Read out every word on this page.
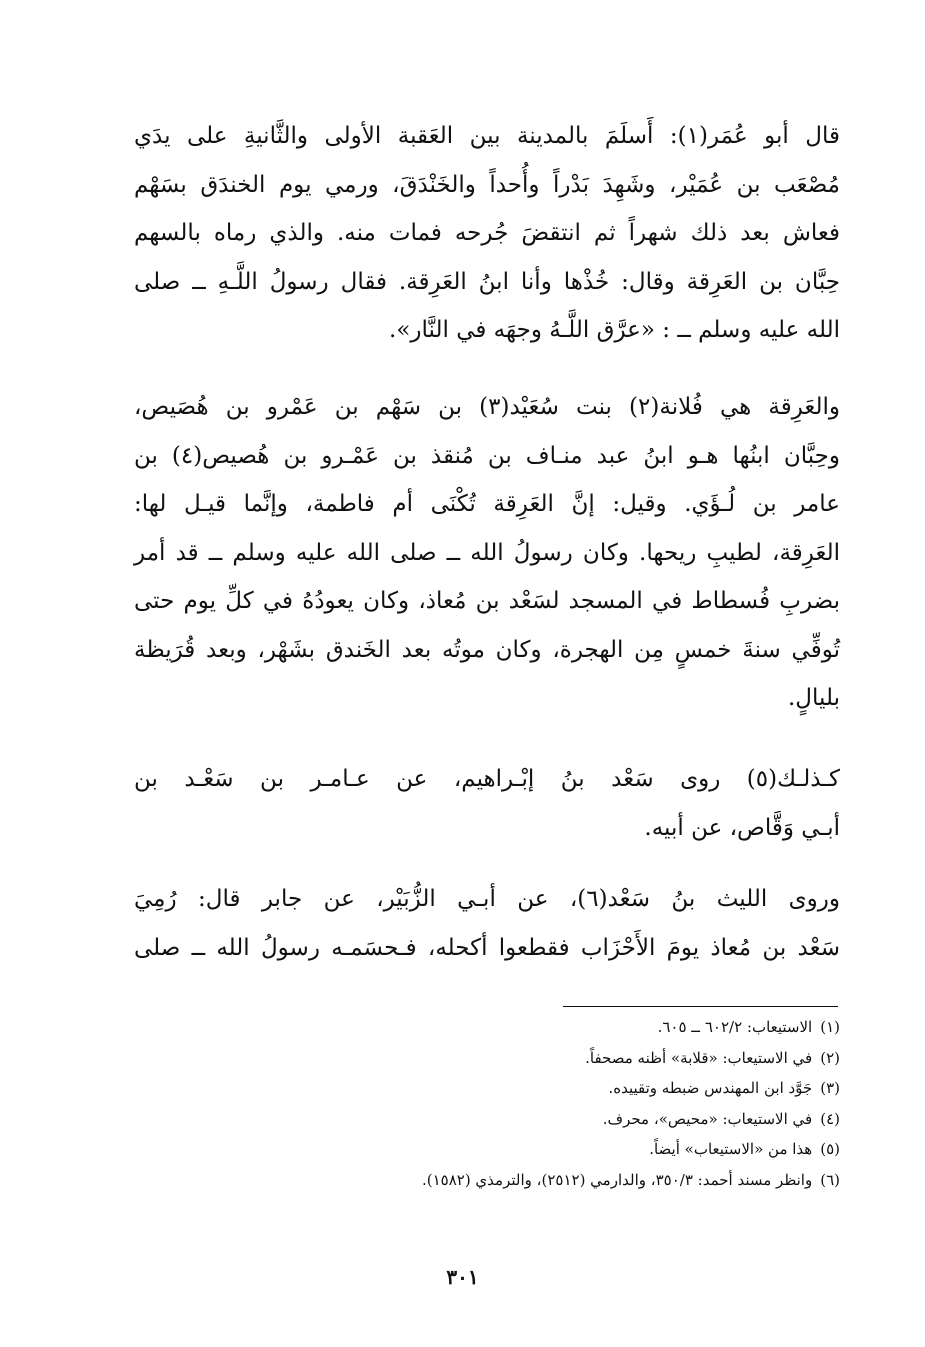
قال أبو عُمَر(١): أَسلَمَ بالمدينة بين العَقبة الأولى والثَّانيةِ على يدَي
مُصْعَب بن عُمَيْر، وشَهِدَ بَدْراً وأُحداً والخَنْدَقَ، ورمي يوم الخندَق بسَهْم
فعاش بعد ذلك شهراً ثم انتقضَ جُرحه فمات منه. والذي رماه بالسهم
حِبَّان بن العَرِقة وقال: خُذْها وأنا ابنُ العَرِقة. فقال رسولُ اللَّـهِ ــ صلى
الله عليه وسلم ــ : «عرَّق اللَّـهُ وجهَه في النَّار».
والعَرِقة هي فُلانة(٢) بنت سُعَيْد(٣) بن سَهْم بن عَمْرو بن هُصَيص،
وحِبَّان ابنُها هـو ابنُ عبد منـاف بن مُنقذ بن عَمْـرو بن هُصيص(٤) بن
عامر بن لُـؤَي. وقيل: إنَّ العَرِقة تُكْنَى أم فاطمة، وإنَّما قيـل لها:
العَرِقة، لطيبِ ريحها. وكان رسولُ الله ــ صلى الله عليه وسلم ــ قد أمر
بضربِ فُسطاط في المسجد لسَعْد بن مُعاذ، وكان يعودُهُ في كلِّ يوم حتى
تُوفِّي سنةَ خمسٍ مِن الهجرة، وكان موتُه بعد الخَندق بشَهْر، وبعد قُرَيظة
بليالٍ.
كـذلـك(٥) روى سَعْد بنُ إبْـراهيم، عن عـامـر بن سَعْـد بن
أبـي وَقَّاص، عن أبيه.
وروى الليث بنُ سَعْد(٦)، عن أبـي الزُّبَيْر، عن جابر قال: رُمِيَ
سَعْد بن مُعاذ يومَ الأَحْزَاب فقطعوا أكحله، فـحسَمـه رسولُ الله ــ صلى
(١)الاستيعاب: ٦٠٢/٢ ــ ٦٠٥.
(٢)في الاستيعاب: «قلابة» أظنه مصحفاً.
(٣)جَوَّد ابن المهندس ضبطه وتقييده.
(٤)في الاستيعاب: «محيص»، محرف.
(٥)هذا من «الاستيعاب» أيضاً.
(٦)وانظر مسند أحمد: ٣٥٠/٣، والدارمي (٢٥١٢)، والترمذي (١٥٨٢).
٣٠١
